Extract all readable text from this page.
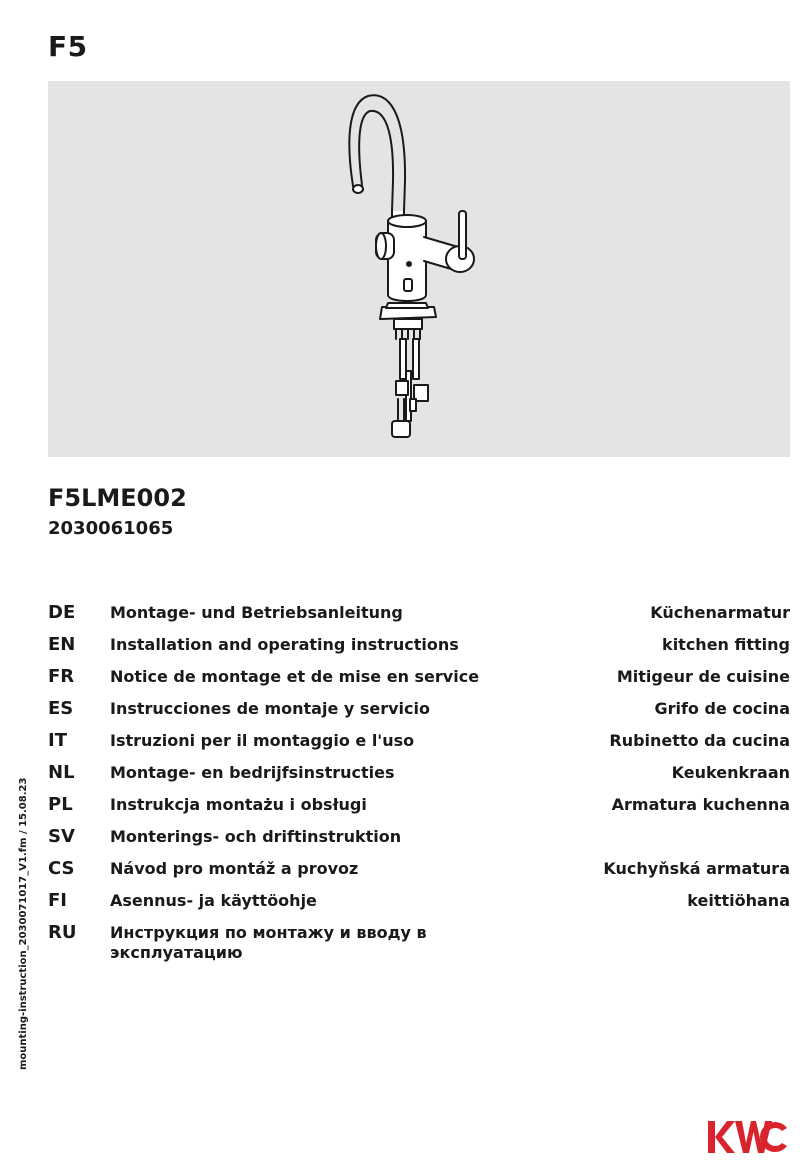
F5
F5LME002
2030061065
DE Montage- und Betriebsanleitung	Küchenarmatur
EN Installation and operating instructions	kitchen fitting
FR Notice de montage et de mise en service	Mitigeur de cuisine
ES Instrucciones de montaje y servicio	Grifo de cocina
IT	Istruzioni per il montaggio e l'uso	Rubinetto da cucina
NL Montage- en bedrijfsinstructies	Keukenkraan
PL Instrukcja montażu i obsługi	Armatura kuchenna
SV Monterings- och driftinstruktion
CS Návod pro montáž a provoz	Kuchyňská armatura
FI	Asennus- ja käyttöohje	keittiöhana
RU Инструкция по монтажу и вводу в эксплуатацию
mounting-instruction_2030071017_V1.fm / 15.08.23
